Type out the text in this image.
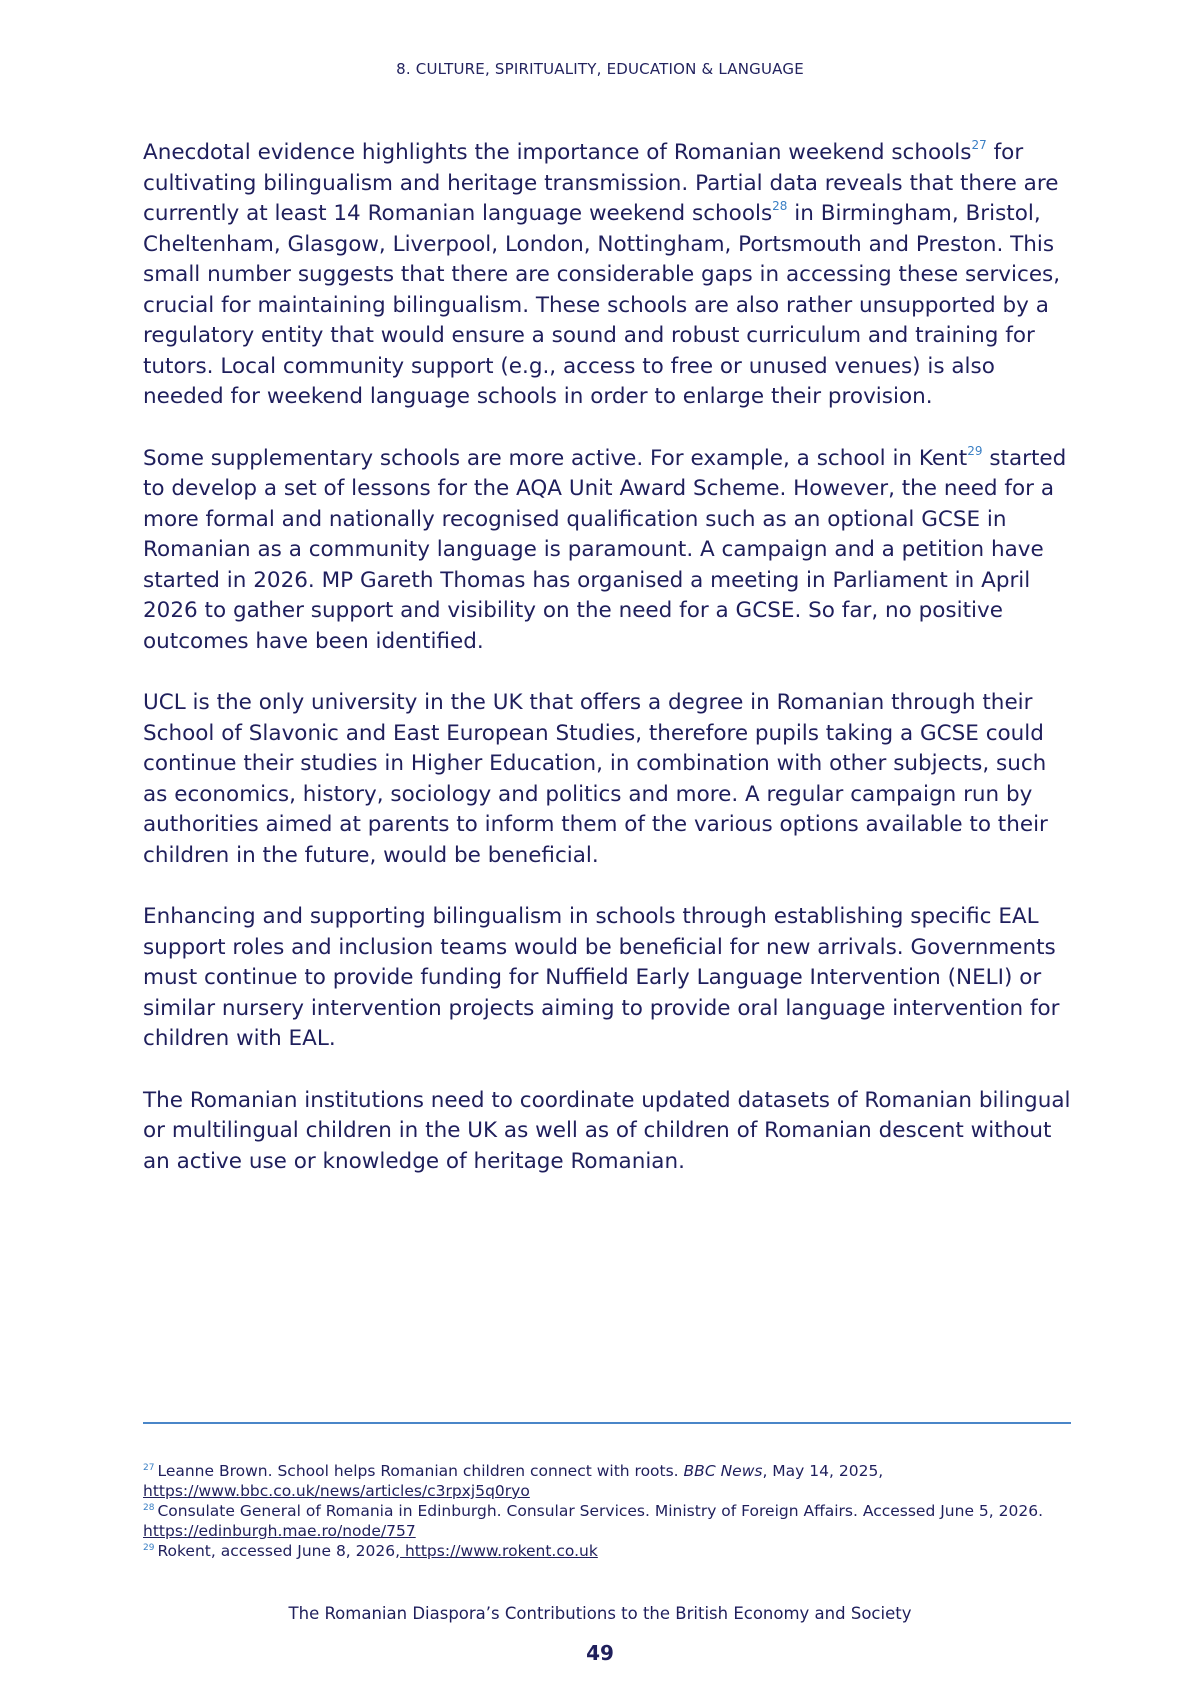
8. CULTURE, SPIRITUALITY, EDUCATION & LANGUAGE

Anecdotal evidence highlights the importance of Romanian weekend schools$^{27}$ for cultivating bilingualism and heritage transmission. Partial data reveals that there are currently at least 14 Romanian language weekend schools$^{28}$ in Birmingham, Bristol, Cheltenham, Glasgow, Liverpool, London, Nottingham, Portsmouth and Preston. This small number suggests that there are considerable gaps in accessing these services, crucial for maintaining bilingualism. These schools are also rather unsupported by a regulatory entity that would ensure a sound and robust curriculum and training for tutors. Local community support (e.g., access to free or unused venues) is also needed for weekend language schools in order to enlarge their provision.

Some supplementary schools are more active. For example, a school in Kent$^{29}$ started to develop a set of lessons for the AQA Unit Award Scheme. However, the need for a more formal and nationally recognised qualification such as an optional GCSE in Romanian as a community language is paramount. A campaign and a petition have started in 2026. MP Gareth Thomas has organised a meeting in Parliament in April 2026 to gather support and visibility on the need for a GCSE. So far, no positive outcomes have been identified.

UCL is the only university in the UK that offers a degree in Romanian through their School of Slavonic and East European Studies, therefore pupils taking a GCSE could continue their studies in Higher Education, in combination with other subjects, such as economics, history, sociology and politics and more. A regular campaign run by authorities aimed at parents to inform them of the various options available to their children in the future, would be beneficial.

Enhancing and supporting bilingualism in schools through establishing specific EAL support roles and inclusion teams would be beneficial for new arrivals. Governments must continue to provide funding for Nuffield Early Language Intervention (NELI) or similar nursery intervention projects aiming to provide oral language intervention for children with EAL.

The Romanian institutions need to coordinate updated datasets of Romanian bilingual or multilingual children in the UK as well as of children of Romanian descent without an active use or knowledge of heritage Romanian.

$^{27}$ Leanne Brown. School helps Romanian children connect with roots. BBC News, May 14, 2025,
https://www.bbc.co.uk/news/articles/c3rpxj5q0ryo

$^{28}$ Consulate General of Romania in Edinburgh. Consular Services. Ministry of Foreign Affairs. Accessed June 5, 2026.
https://edinburgh.mae.ro/node/757

$^{29}$ Rokent, accessed June 8, 2026, https://www.rokent.co.uk

The Romanian Diaspora’s Contributions to the British Economy and Society
49
